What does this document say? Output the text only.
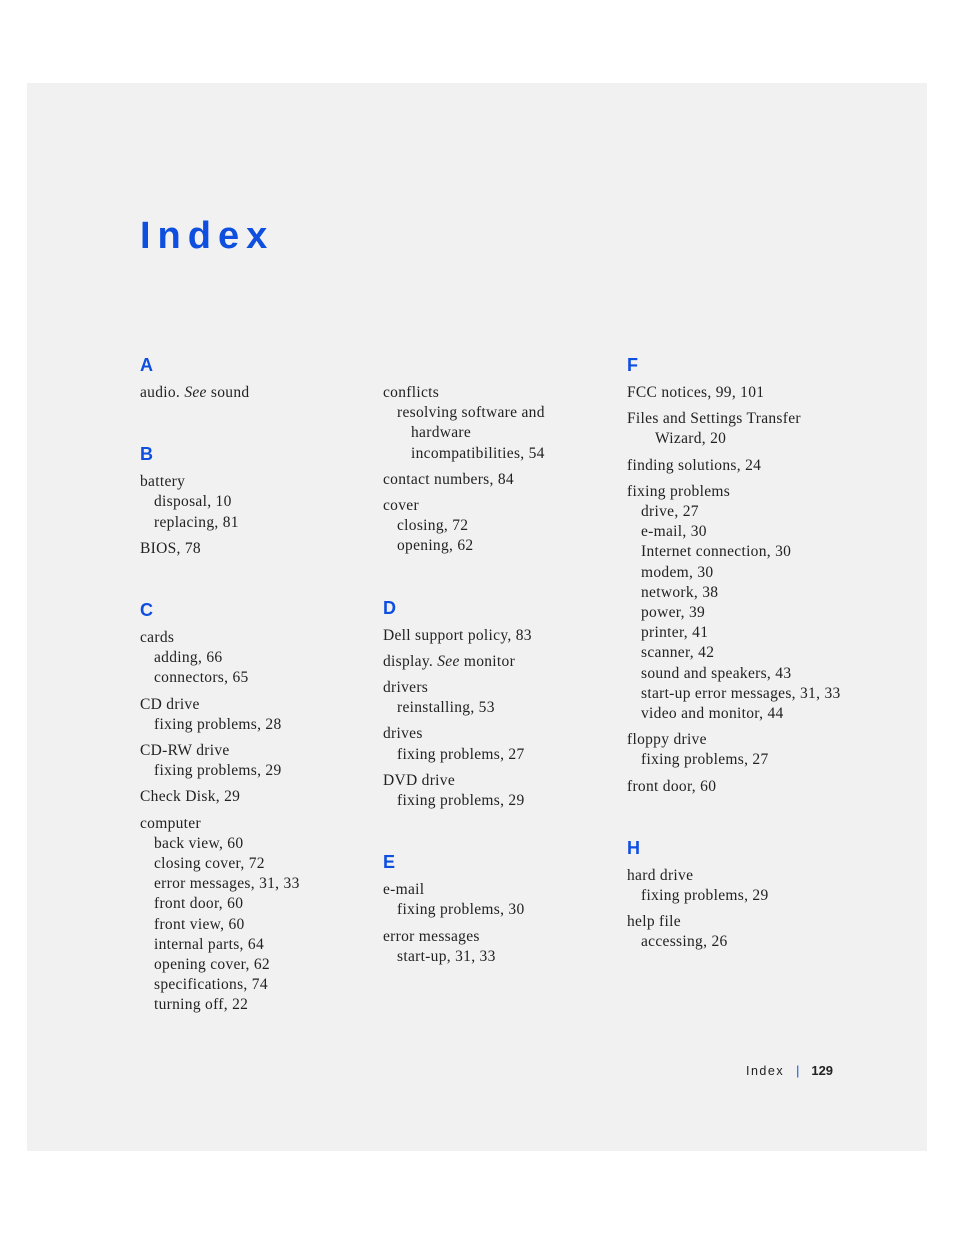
Index
A
audio. See sound
B
battery
disposal, 10
replacing, 81
BIOS, 78
C
cards
adding, 66
connectors, 65
CD drive
fixing problems, 28
CD-RW drive
fixing problems, 29
Check Disk, 29
computer
back view, 60
closing cover, 72
error messages, 31, 33
front door, 60
front view, 60
internal parts, 64
opening cover, 62
specifications, 74
turning off, 22
conflicts
resolving software and
hardware
incompatibilities, 54
contact numbers, 84
cover
closing, 72
opening, 62
D
Dell support policy, 83
display. See monitor
drivers
reinstalling, 53
drives
fixing problems, 27
DVD drive
fixing problems, 29
E
e-mail
fixing problems, 30
error messages
start-up, 31, 33
F
FCC notices, 99, 101
Files and Settings Transfer
Wizard, 20
finding solutions, 24
fixing problems
drive, 27
e-mail, 30
Internet connection, 30
modem, 30
network, 38
power, 39
printer, 41
scanner, 42
sound and speakers, 43
start-up error messages, 31, 33
video and monitor, 44
floppy drive
fixing problems, 27
front door, 60
H
hard drive
fixing problems, 29
help file
accessing, 26
Index | 129
